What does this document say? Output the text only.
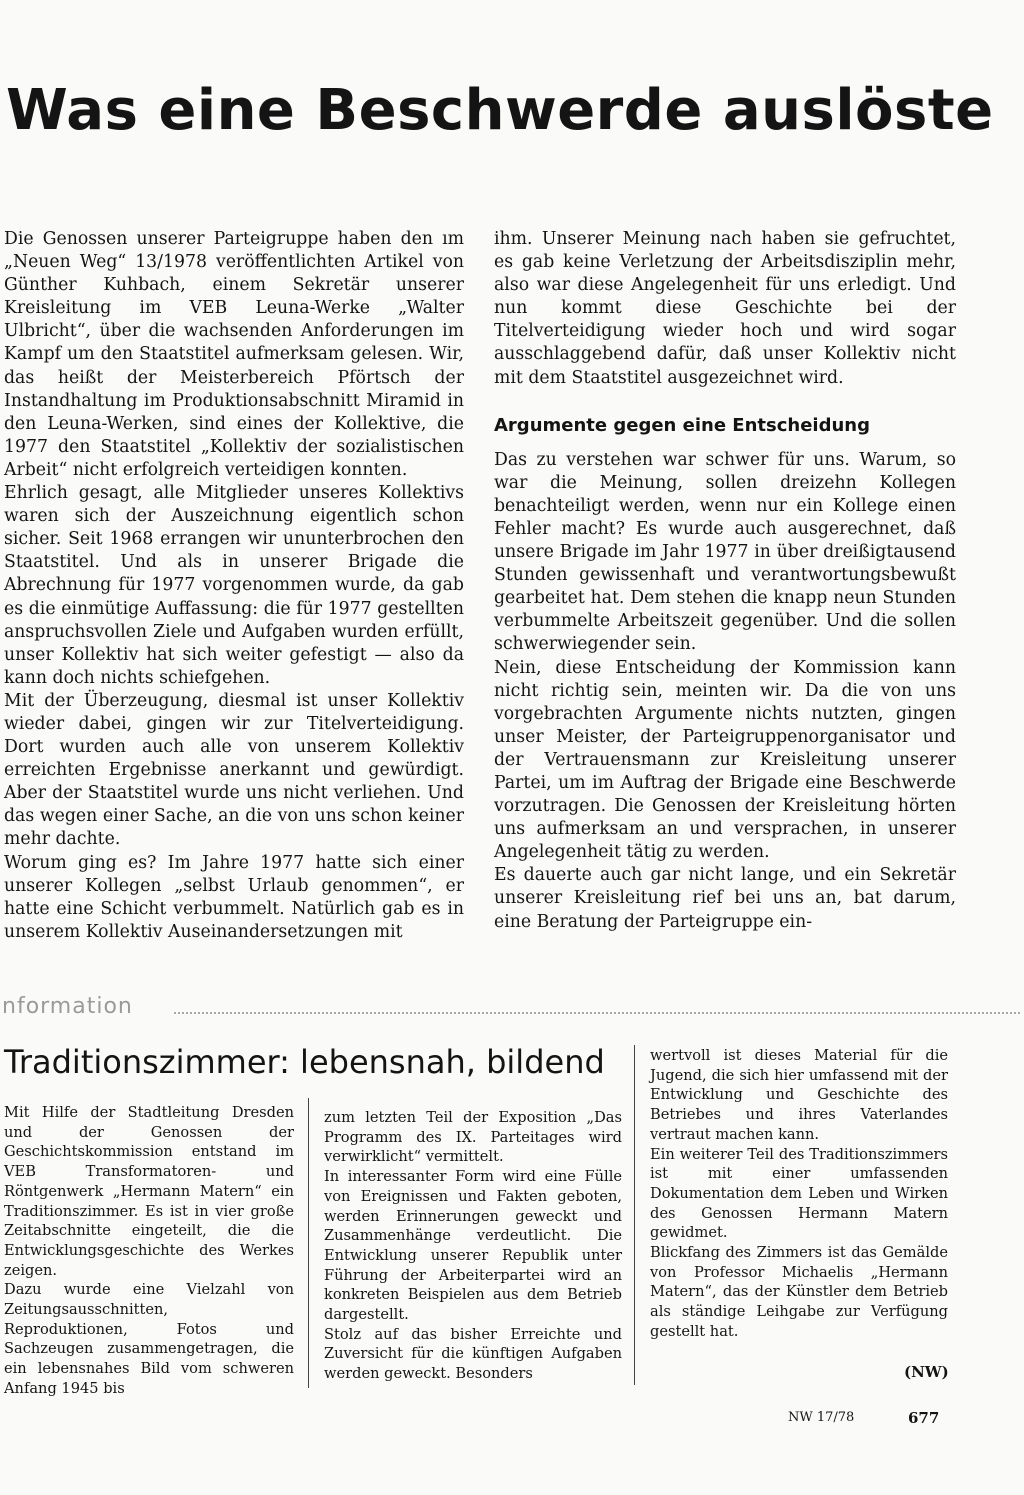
Was eine Beschwerde auslöste

Die Genossen unserer Parteigruppe haben den ım „Neuen Weg“ 13/1978 veröffentlichten Artikel von Günther Kuhbach, einem Sekretär unserer Kreisleitung im VEB Leuna-Werke „Walter Ulbricht“, über die wachsenden Anforderungen im Kampf um den Staatstitel aufmerksam gelesen. Wir, das heißt der Meisterbereich Pförtsch der Instandhaltung im Produktionsabschnitt Miramid in den Leuna-Werken, sind eines der Kollektive, die 1977 den Staatstitel „Kollektiv der sozialistischen Arbeit“ nicht erfolgreich verteidigen konnten.

Ehrlich gesagt, alle Mitglieder unseres Kollektivs waren sich der Auszeichnung eigentlich schon sicher. Seit 1968 errangen wir ununterbrochen den Staatstitel. Und als in unserer Brigade die Abrechnung für 1977 vorgenommen wurde, da gab es die einmütige Auffassung: die für 1977 gestellten anspruchsvollen Ziele und Aufgaben wurden erfüllt, unser Kollektiv hat sich weiter gefestigt — also da kann doch nichts schiefgehen.

Mit der Überzeugung, diesmal ist unser Kollektiv wieder dabei, gingen wir zur Titelverteidigung. Dort wurden auch alle von unserem Kollektiv erreichten Ergebnisse anerkannt und gewürdigt. Aber der Staatstitel wurde uns nicht verliehen. Und das wegen einer Sache, an die von uns schon keiner mehr dachte.

Worum ging es? Im Jahre 1977 hatte sich einer unserer Kollegen „selbst Urlaub genommen“, er hatte eine Schicht verbummelt. Natürlich gab es in unserem Kollektiv Auseinandersetzungen mit

ihm. Unserer Meinung nach haben sie gefruchtet, es gab keine Verletzung der Arbeitsdisziplin mehr, also war diese Angelegenheit für uns erledigt. Und nun kommt diese Geschichte bei der Titelverteidigung wieder hoch und wird sogar ausschlaggebend dafür, daß unser Kollektiv nicht mit dem Staatstitel ausgezeichnet wird.

Argumente gegen eine Entscheidung

Das zu verstehen war schwer für uns. Warum, so war die Meinung, sollen dreizehn Kollegen benachteiligt werden, wenn nur ein Kollege einen Fehler macht? Es wurde auch ausgerechnet, daß unsere Brigade im Jahr 1977 in über dreißigtausend Stunden gewissenhaft und verantwortungsbewußt gearbeitet hat. Dem stehen die knapp neun Stunden verbummelte Arbeitszeit gegenüber. Und die sollen schwerwiegender sein.

Nein, diese Entscheidung der Kommission kann nicht richtig sein, meinten wir. Da die von uns vorgebrachten Argumente nichts nutzten, gingen unser Meister, der Parteigruppenorganisator und der Vertrauensmann zur Kreisleitung unserer Partei, um im Auftrag der Brigade eine Beschwerde vorzutragen. Die Genossen der Kreisleitung hörten uns aufmerksam an und versprachen, in unserer Angelegenheit tätig zu werden.

Es dauerte auch gar nicht lange, und ein Sekretär unserer Kreisleitung rief bei uns an, bat darum, eine Beratung der Parteigruppe ein-

nformation
Traditionszimmer: lebensnah, bildend

Mit Hilfe der Stadtleitung Dresden und der Genossen der Geschichtskommission entstand im VEB Transformatoren- und Röntgenwerk „Hermann Matern“ ein Traditionszimmer. Es ist in vier große Zeitabschnitte eingeteilt, die die Entwicklungsgeschichte des Werkes zeigen.

Dazu wurde eine Vielzahl von Zeitungsausschnitten, Reproduktionen, Fotos und Sachzeugen zusammengetragen, die ein lebensnahes Bild vom schweren Anfang 1945 bis

zum letzten Teil der Exposition „Das Programm des IX. Parteitages wird verwirklicht“ vermittelt.

In interessanter Form wird eine Fülle von Ereignissen und Fakten geboten, werden Erinnerungen geweckt und Zusammenhänge verdeutlicht. Die Entwicklung unserer Republik unter Führung der Arbeiterpartei wird an konkreten Beispielen aus dem Betrieb dargestellt.

Stolz auf das bisher Erreichte und Zuversicht für die künftigen Aufgaben werden geweckt. Besonders

wertvoll ist dieses Material für die Jugend, die sich hier umfassend mit der Entwicklung und Geschichte des Betriebes und ihres Vaterlandes vertraut machen kann.

Ein weiterer Teil des Traditionszimmers ist mit einer umfassenden Dokumentation dem Leben und Wirken des Genossen Hermann Matern gewidmet.

Blickfang des Zimmers ist das Gemälde von Professor Michaelis „Hermann Matern“, das der Künstler dem Betrieb als ständige Leihgabe zur Verfügung gestellt hat.

(NW)
NW 17/78	677
